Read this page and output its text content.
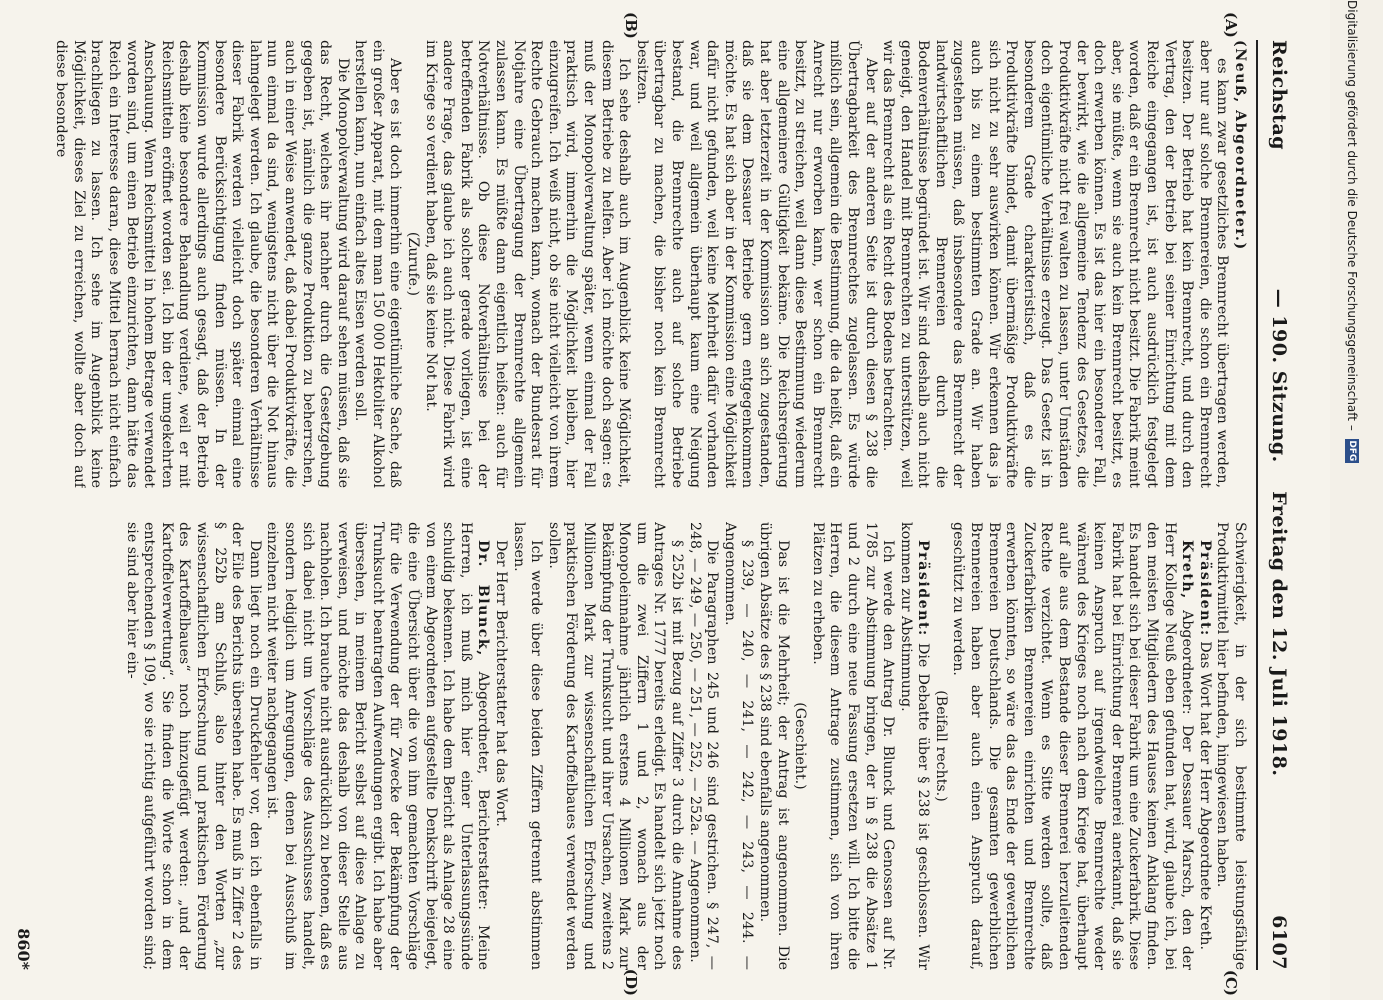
Reichstag
— 190. Sitzung.    Freitag den 12. Juli 1918.
6107
(A)
(B)
(C)
(D)

(Neuß, Abgeordneter.)

es kann zwar gesetzliches Brennrecht übertragen werden, aber nur auf solche Brennereien, die schon ein Brennrecht besitzen. Der Betrieb hat kein Brennrecht, und durch den Vertrag, den der Betrieb bei seiner Einrichtung mit dem Reiche eingegangen ist, ist auch ausdrücklich festgelegt worden, daß er ein Brennrecht nicht besitzt. Die Fabrik meint aber, sie müßte, wenn sie auch kein Brennrecht besitzt, es doch erwerben können. Es ist das hier ein besonderer Fall, der bewirkt, wie die allgemeine Tendenz des Gesetzes, die Produktivkräfte nicht frei walten zu lassen, unter Umständen doch eigentümliche Verhältnisse erzeugt. Das Gesetz ist in besonderem Grade charakteristisch, daß es die Produktivkräfte bindet, damit übermäßige Produktivkräfte sich nicht zu sehr auswirken können. Wir erkennen das ja auch bis zu einem bestimmten Grade an. Wir haben zugestehen müssen, daß insbesondere das Brennrecht der landwirtschaftlichen Brennereien durch die Bodenverhältnisse begründet ist. Wir sind deshalb auch nicht geneigt, den Handel mit Brennrechten zu unterstützen, weil wir das Brennrecht als ein Recht des Bodens betrachten.

Aber auf der anderen Seite ist durch diesen § 238 die Übertragbarkeit des Brennrechtes zugelassen. Es würde mißlich sein, allgemein die Bestimmung, die da heißt, daß ein Anrecht nur erworben kann, wer schon ein Brennrecht besitzt, zu streichen, weil dann diese Bestimmung wiederum eine allgemeinere Gültigkeit bekäme. Die Reichsregierung hat aber letzterzeit in der Kommission an sich zugestanden, daß sie dem Dessauer Betriebe gern entgegenkommen möchte. Es hat sich aber in der Kommission eine Möglichkeit dafür nicht gefunden, weil keine Mehrheit dafür vorhanden war, und weil allgemein überhaupt kaum eine Neigung bestand, die Brennrechte auch auf solche Betriebe übertragbar zu machen, die bisher noch kein Brennrecht besitzen.

Ich sehe deshalb auch im Augenblick keine Möglichkeit, diesem Betriebe zu helfen. Aber ich möchte doch sagen: es muß der Monopolverwaltung später, wenn einmal der Fall praktisch wird, immerhin die Möglichkeit bleiben, hier einzugreifen. Ich weiß nicht, ob sie nicht vielleicht von ihrem Rechte Gebrauch machen kann, wonach der Bundesrat für Notjahre eine Übertragung der Brennrechte allgemein zulassen kann. Es müßte dann eigentlich heißen: auch für Notverhältnisse. Ob diese Notverhältnisse bei der betreffenden Fabrik als solcher gerade vorliegen, ist eine andere Frage, das glaube ich auch nicht. Diese Fabrik wird im Kriege so verdient haben, daß sie keine Not hat.

(Zurufe.)

Aber es ist doch immerhin eine eigentümliche Sache, daß ein großer Apparat, mit dem man 150 000 Hektoliter Alkohol herstellen kann, nun einfach altes Eisen werden soll.

Die Monopolverwaltung wird darauf sehen müssen, daß sie das Recht, welches ihr nachher durch die Gesetzgebung gegeben ist, nämlich die ganze Produktion zu beherrschen, auch in einer Weise anwendet, daß dabei Produktivkräfte, die nun einmal da sind, wenigstens nicht über die Not hinaus lahmgelegt werden. Ich glaube, die besonderen Verhältnisse dieser Fabrik werden vielleicht doch später einmal eine besondere Berücksichtigung finden müssen. In der Kommission wurde allerdings auch gesagt, daß der Betrieb deshalb keine besondere Behandlung verdiene, weil er mit Reichsmitteln eröffnet worden sei. Ich bin der umgekehrten Anschauung. Wenn Reichsmittel in hohem Betrage verwendet worden sind, um einen Betrieb einzurichten, dann hätte das Reich ein Interesse daran, diese Mittel hernach nicht einfach brachliegen zu lassen. Ich sehe im Augenblick keine Möglichkeit, dieses Ziel zu erreichen, wollte aber doch auf diese besondere

Schwierigkeit, in der sich bestimmte leistungsfähige Produktivmittel hier befinden, hingewiesen haben.

Präsident: Das Wort hat der Herr Abgeordnete Kreth.

Kreth, Abgeordneter: Der Dessauer Marsch, den der Herr Kollege Neuß eben gefunden hat, wird, glaube ich, bei den meisten Mitgliedern des Hauses keinen Anklang finden. Es handelt sich bei dieser Fabrik um eine Zuckerfabrik. Diese Fabrik hat bei Einrichtung der Brennerei anerkannt, daß sie keinen Anspruch auf irgendwelche Brennrechte weder während des Krieges noch nach dem Kriege hat, überhaupt auf alle aus dem Bestande dieser Brennerei herzuleitenden Rechte verzichtet. Wenn es Sitte werden sollte, daß Zuckerfabriken Brennereien einrichten und Brennrechte erwerben könnten, so wäre das das Ende der gewerblichen Brennereien Deutschlands. Die gesamten gewerblichen Brennereien haben aber auch einen Anspruch darauf, geschützt zu werden.

(Beifall rechts.)

Präsident: Die Debatte über § 238 ist geschlossen. Wir kommen zur Abstimmung.

Ich werde den Antrag Dr. Blunck und Genossen auf Nr. 1785 zur Abstimmung bringen, der in § 238 die Absätze 1 und 2 durch eine neue Fassung ersetzen will. Ich bitte die Herren, die diesem Antrage zustimmen, sich von ihren Plätzen zu erheben.

(Geschieht.)

Das ist die Mehrheit; der Antrag ist angenommen. Die übrigen Absätze des § 238 sind ebenfalls angenommen.

§ 239, — 240, — 241, — 242, — 243, — 244. — Angenommen.

Die Paragraphen 245 und 246 sind gestrichen. § 247, — 248, — 249, — 250, — 251, — 252, — 252a. — Angenommen.

§ 252b ist mit Bezug auf Ziffer 3 durch die Annahme des Antrages Nr. 1777 bereits erledigt. Es handelt sich jetzt noch um die zwei Ziffern 1 und 2, wonach aus der Monopoleinnahme jährlich erstens 4 Millionen Mark zur Bekämpfung der Trunksucht und ihrer Ursachen, zweitens 2 Millionen Mark zur wissenschaftlichen Erforschung und praktischen Förderung des Kartoffelbaues verwendet werden sollen.

Ich werde über diese beiden Ziffern getrennt abstimmen lassen.

Der Herr Berichterstatter hat das Wort.

Dr. Blunck, Abgeordneter, Berichterstatter: Meine Herren, ich muß mich hier einer Unterlassungssünde schuldig bekennen. Ich habe dem Bericht als Anlage 28 eine von einem Abgeordneten aufgestellte Denkschrift beigelegt, die eine Übersicht über die von ihm gemachten Vorschläge für die Verwendung der für Zwecke der Bekämpfung der Trunksucht beantragten Aufwendungen ergibt. Ich habe aber übersehen, in meinem Bericht selbst auf diese Anlage zu verweisen, und möchte das deshalb von dieser Stelle aus nachholen. Ich brauche nicht ausdrücklich zu betonen, daß es sich dabei nicht um Vorschläge des Ausschusses handelt, sondern lediglich um Anregungen, denen bei Ausschuß im einzelnen nicht weiter nachgegangen ist.

Dann liegt noch ein Druckfehler vor, den ich ebenfalls in der Eile des Berichts übersehen habe. Es muß in Ziffer 2 des § 252b am Schluß, also hinter den Worten „zur wissenschaftlichen Erforschung und praktischen Förderung des Kartoffelbaues“ noch hinzugefügt werden: „und der Kartoffelverwertung“. Sie finden die Worte schon in dem entsprechenden § 109, wo sie richtig aufgeführt worden sind; sie sind aber hier ein-

860*
Digitalisierung gefördert durch die Deutsche Forschungsgemeinschaft –
DFG
